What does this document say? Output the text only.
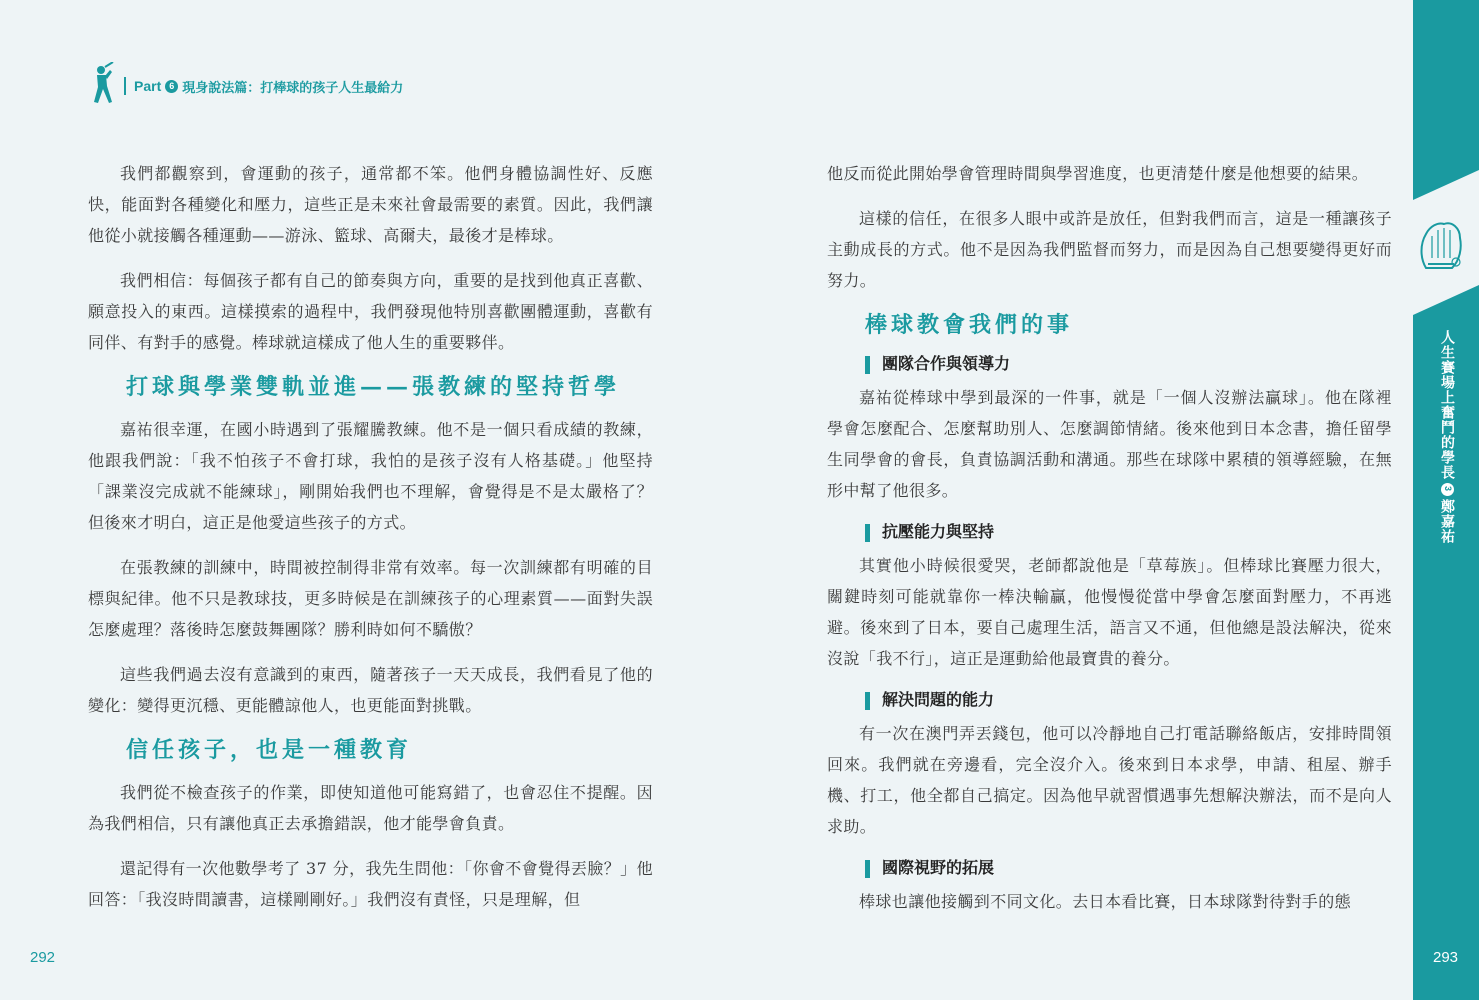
Part 6 現身說法篇：打棒球的孩子人生最給力

我們都觀察到，會運動的孩子，通常都不笨。他們身體協調性好、反應快，能面對各種變化和壓力，這些正是未來社會最需要的素質。因此，我們讓他從小就接觸各種運動——游泳、籃球、高爾夫，最後才是棒球。

我們相信：每個孩子都有自己的節奏與方向，重要的是找到他真正喜歡、願意投入的東西。這樣摸索的過程中，我們發現他特別喜歡團體運動，喜歡有同伴、有對手的感覺。棒球就這樣成了他人生的重要夥伴。

打球與學業雙軌並進——張教練的堅持哲學

嘉祐很幸運，在國小時遇到了張耀騰教練。他不是一個只看成績的教練，他跟我們說：「我不怕孩子不會打球，我怕的是孩子沒有人格基礎。」他堅持「課業沒完成就不能練球」，剛開始我們也不理解，會覺得是不是太嚴格了？但後來才明白，這正是他愛這些孩子的方式。

在張教練的訓練中，時間被控制得非常有效率。每一次訓練都有明確的目標與紀律。他不只是教球技，更多時候是在訓練孩子的心理素質——面對失誤怎麼處理？落後時怎麼鼓舞團隊？勝利時如何不驕傲？

這些我們過去沒有意識到的東西，隨著孩子一天天成長，我們看見了他的變化：變得更沉穩、更能體諒他人，也更能面對挑戰。

信任孩子，也是一種教育

我們從不檢查孩子的作業，即使知道他可能寫錯了，也會忍住不提醒。因為我們相信，只有讓他真正去承擔錯誤，他才能學會負責。

還記得有一次他數學考了 37 分，我先生問他：「你會不會覺得丟臉？」他回答：「我沒時間讀書，這樣剛剛好。」我們沒有責怪，只是理解，但

292

他反而從此開始學會管理時間與學習進度，也更清楚什麼是他想要的結果。

這樣的信任，在很多人眼中或許是放任，但對我們而言，這是一種讓孩子主動成長的方式。他不是因為我們監督而努力，而是因為自己想要變得更好而努力。

棒球教會我們的事
團隊合作與領導力

嘉祐從棒球中學到最深的一件事，就是「一個人沒辦法贏球」。他在隊裡學會怎麼配合、怎麼幫助別人、怎麼調節情緒。後來他到日本念書，擔任留學生同學會的會長，負責協調活動和溝通。那些在球隊中累積的領導經驗，在無形中幫了他很多。

抗壓能力與堅持

其實他小時候很愛哭，老師都說他是「草莓族」。但棒球比賽壓力很大，關鍵時刻可能就靠你一棒決輸贏，他慢慢從當中學會怎麼面對壓力，不再逃避。後來到了日本，要自己處理生活，語言又不通，但他總是設法解決，從來沒說「我不行」，這正是運動給他最寶貴的養分。

解決問題的能力

有一次在澳門弄丟錢包，他可以冷靜地自己打電話聯絡飯店，安排時間領回來。我們就在旁邊看，完全沒介入。後來到日本求學，申請、租屋、辦手機、打工，他全都自己搞定。因為他早就習慣遇事先想解決辦法，而不是向人求助。

國際視野的拓展

棒球也讓他接觸到不同文化。去日本看比賽，日本球隊對待對手的態

人生賽場上奮鬥的學長3鄭嘉祐
293
